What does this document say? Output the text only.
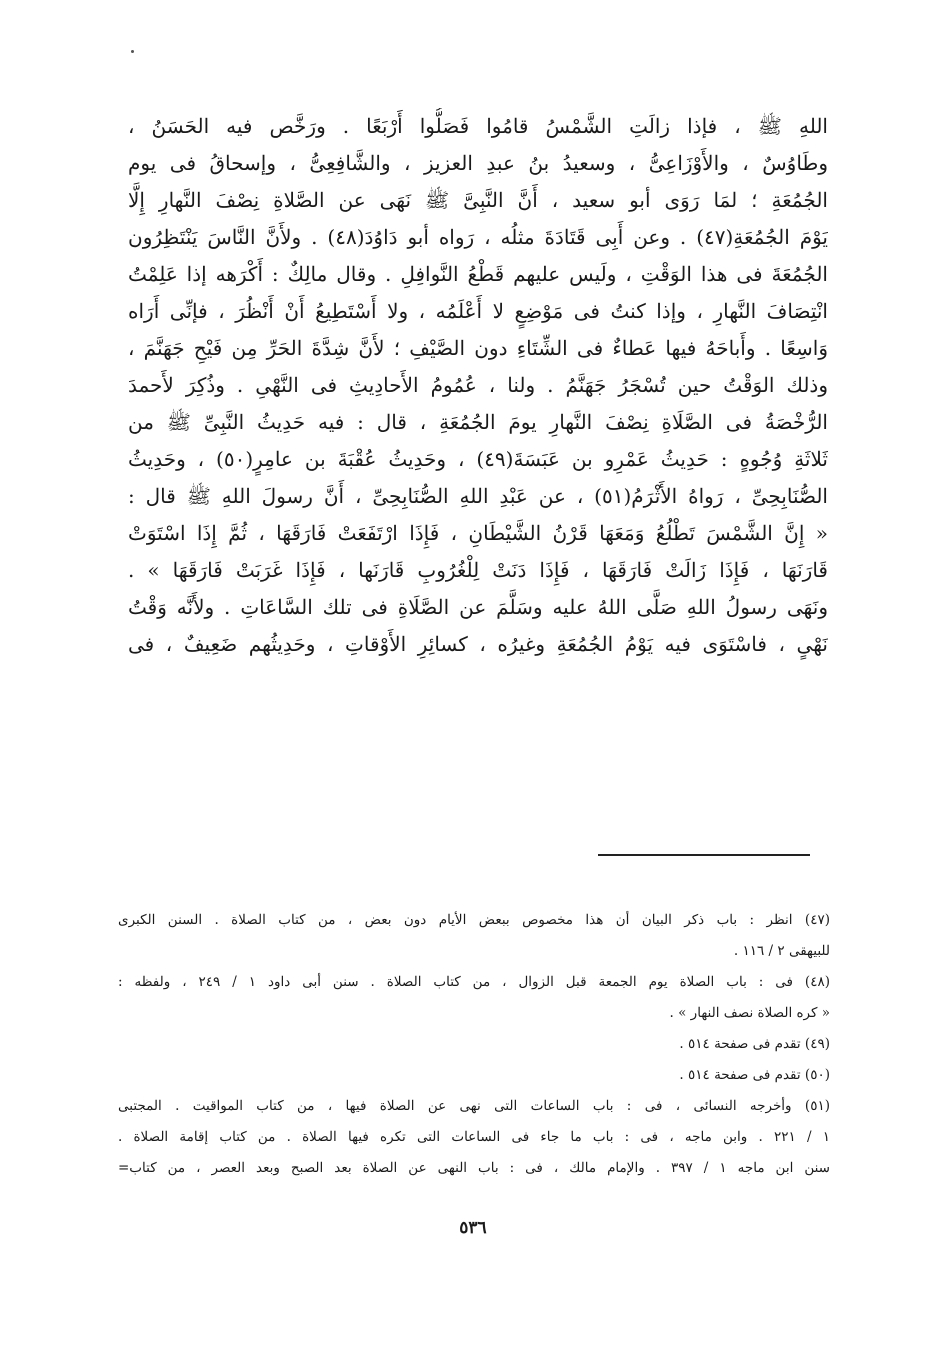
اللهِ ﷺ ، فإذا زالَتِ الشَّمْسُ قامُوا فَصَلُّوا أَرْبَعًا . ورَخَّص فيه الحَسَنُ ،
وطَاوُسٌ ، والأَوْزَاعِىُّ ، وسعيدُ بنُ عبدِ العزيز ، والشَّافِعِىُّ ، وإسحاقُ فى يوم
الجُمُعَةِ ؛ لمَا رَوَى أبو سعيد ، أَنَّ النَّبِىَّ ﷺ نَهَى عن الصَّلاةِ نِصْفَ النَّهارِ إِلَّا
يَوْمَ الجُمُعَةِ(٤٧) . وعن أَبِى قَتَادَةَ مثلُه ، رَواه أبو دَاوُدَ(٤٨) . ولأَنَّ النَّاسَ يَنْتَظِرُون
الجُمُعَةَ فى هذا الوَقْتِ ، ولَيس عليهم قَطْعُ النَّوافِلِ . وقال مالِكٌ : أَكْرَهه إذا عَلِمْتُ
انْتِصَافَ النَّهارِ ، وإذا كنتُ فى مَوْضِعٍ لا أَعْلَمُه ، ولا أَسْتَطِيعُ أَنْ أَنْظُرَ ، فإنِّى أَرَاه
وَاسِعًا . وأَباحَهُ فيها عَطاءٌ فى الشِّتَاءِ دون الصَّيْفِ ؛ لأَنَّ شِدَّةَ الحَرِّ مِن فَيْحِ جَهَنَّمَ ،
وذلك الوَقْتُ حين تُسْجَرُ جَهَنَّمُ . ولنا ، عُمُومُ الأَحادِيثِ فى النَّهْىِ . وذُكِرَ لأَحمدَ
الرُّخْصَةُ فى الصَّلَاةِ نِصْفَ النَّهارِ يومَ الجُمُعَةِ ، قال : فيه حَدِيثُ النَّبِىِّ ﷺ من
ثَلاثَةِ وُجُوهٍ : حَدِيثُ عَمْرِو بن عَبَسَةَ(٤٩) ، وحَدِيثُ عُقْبَةَ بن عامِرٍ(٥٠) ، وحَدِيثُ
الصُّنَابِحِىِّ ، رَواهُ الأَثْرَمُ(٥١) ، عن عَبْدِ اللهِ الصُّنَابِحِىِّ ، أَنَّ رسولَ اللهِ ﷺ قال :
« إِنَّ الشَّمْسَ تَطْلُعُ وَمَعَهَا قَرْنُ الشَّيْطَانِ ، فَإِذَا ارْتَفَعَتْ فَارَقَهَا ، ثُمَّ إِذَا اسْتَوَتْ
قَارَنَهَا ، فَإِذَا زَالَتْ فَارَقَهَا ، فَإِذَا دَنَتْ لِلْغُرُوبِ قَارَنَها ، فَإِذَا غَرَبَتْ فَارَقَهَا » .
ونَهَى رسولُ اللهِ صَلَّى اللهُ عليه وسَلَّمَ عن الصَّلَاةِ فى تلك السَّاعَاتِ . ولأَنَّه وَقْتُ
نَهْىٍ ، فاسْتَوَى فيه يَوْمُ الجُمُعَةِ وغيرُه ، كسائِرِ الأَوْقاتِ ، وحَدِيثُهم ضَعِيفٌ ، فى
(٤٧) انظر : باب ذكر البيان أن هذا مخصوص ببعض الأيام دون بعض ، من كتاب الصلاة . السنن الكبرى
للبيهقى ٢ / ١١٦ .
(٤٨) فى : باب الصلاة يوم الجمعة قبل الزوال ، من كتاب الصلاة . سنن أبى داود ١ / ٢٤٩ ، ولفظه :
« كره الصلاة نصف النهار » .
(٤٩) تقدم فى صفحة ٥١٤ .
(٥٠) تقدم فى صفحة ٥١٤ .
(٥١) وأخرجه النسائى ، فى : باب الساعات التى نهى عن الصلاة فيها ، من كتاب المواقيت . المجتبى
١ / ٢٢١ . وابن ماجه ، فى : باب ما جاء فى الساعات التى تكره فيها الصلاة . من كتاب إقامة الصلاة .
سنن ابن ماجه ١ / ٣٩٧ . والإمام مالك ، فى : باب النهى عن الصلاة بعد الصبح وبعد العصر ، من كتاب=
٥٣٦
